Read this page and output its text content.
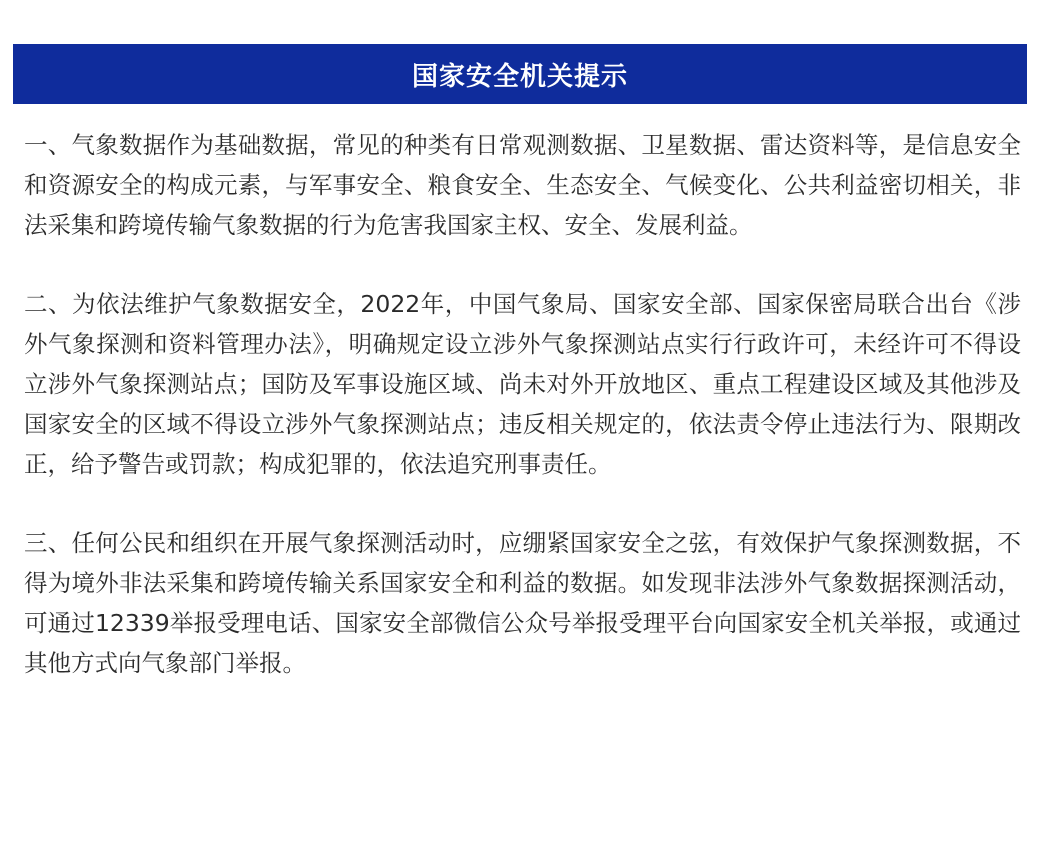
国家安全机关提示

一、气象数据作为基础数据，常见的种类有日常观测数据、卫星数据、雷达资料等，是信息安全和资源安全的构成元素，与军事安全、粮食安全、生态安全、气候变化、公共利益密切相关，非法采集和跨境传输气象数据的行为危害我国家主权、安全、发展利益。

二、为依法维护气象数据安全，2022年，中国气象局、国家安全部、国家保密局联合出台《涉外气象探测和资料管理办法》，明确规定设立涉外气象探测站点实行行政许可，未经许可不得设立涉外气象探测站点；国防及军事设施区域、尚未对外开放地区、重点工程建设区域及其他涉及国家安全的区域不得设立涉外气象探测站点；违反相关规定的，依法责令停止违法行为、限期改正，给予警告或罚款；构成犯罪的，依法追究刑事责任。

三、任何公民和组织在开展气象探测活动时，应绷紧国家安全之弦，有效保护气象探测数据，不得为境外非法采集和跨境传输关系国家安全和利益的数据。如发现非法涉外气象数据探测活动，可通过12339举报受理电话、国家安全部微信公众号举报受理平台向国家安全机关举报，或通过其他方式向气象部门举报。
